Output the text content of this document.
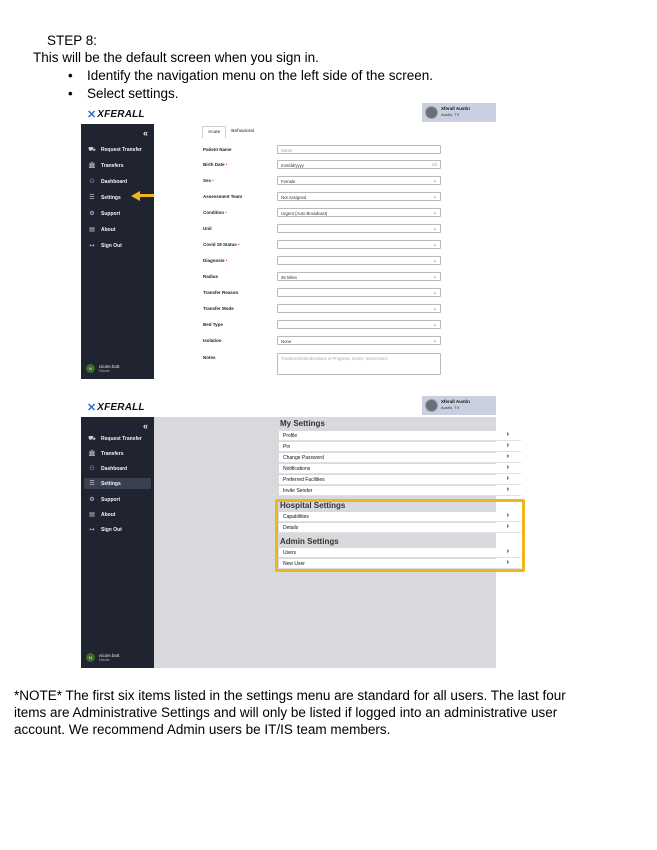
STEP 8:
This will be the default screen when you sign in.
• Identify the navigation menu on the left side of the screen.
• Select settings.
✕ XFERALL
Xferall Austin
Austin, TX
«
⛟ Request Transfer
🏛 Transfers
⚇	Dashboard
☰	Settings
⚙	Support
▤	About
↦	Sign Out
N	nicole.bott
Nicole
Acute	Behavioral
Patient Name	Name
Birth Date •	mm/dd/yyyy	▭
Sex •	Female	⌄
Assessment Team	Not Assigned	⌄
Condition •	Urgent (Auto Broadcast)	⌄
Unit	⌄
Covid 19 Status •	⌄
Diagnosis •	⌄
Radius	25 Miles	⌄
Transfer Reason	⌄
Transfer Mode	⌄
Bed Type	⌄
Isolation	None	⌄
Notes	Treatments/Medications in Progress, Notes, Instructions
✕ XFERALL
Xferall Austin
Austin, TX
«
⛟ Request Transfer
🏛 Transfers
⚇	Dashboard
☰	Settings
⚙	Support
▤	About
↦	Sign Out
N	nicole.bott
Nicole
My Settings
Profile	›
Pin	›
Change Password	›
Notifications	›
Preferred Facilities	›
Invite Sender	›
Hospital Settings
Capabilities	›
Details	›
Admin Settings
Users	›
New User	›
*NOTE* The first six items listed in the settings menu are standard for all users. The last four
items are Administrative Settings and will only be listed if logged into an administrative user
account. We recommend Admin users be IT/IS team members.
